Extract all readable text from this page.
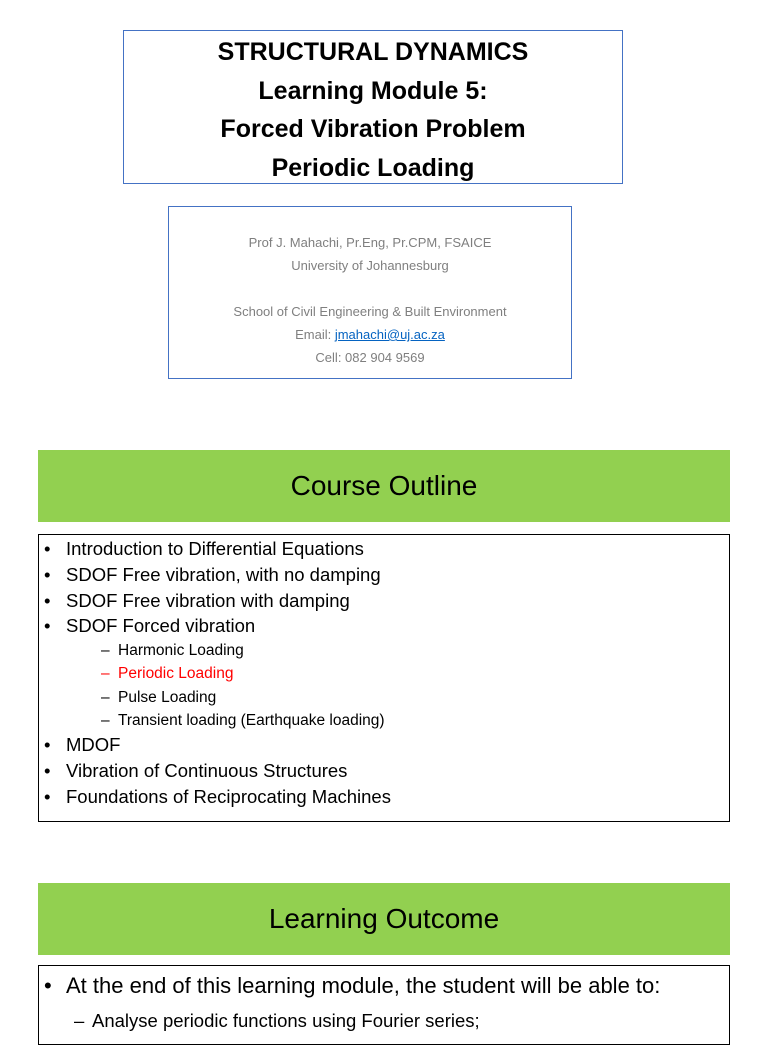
STRUCTURAL DYNAMICS
Learning Module 5:
Forced Vibration Problem
Periodic Loading
Prof J. Mahachi, Pr.Eng, Pr.CPM, FSAICE
University of Johannesburg
School of Civil Engineering & Built Environment
Email: jmahachi@uj.ac.za
Cell: 082 904 9569
Course Outline
• Introduction to Differential Equations
• SDOF Free vibration, with no damping
• SDOF Free vibration with damping
• SDOF Forced vibration
– Harmonic Loading
– Periodic Loading
– Pulse Loading
– Transient loading (Earthquake loading)
• MDOF
• Vibration of Continuous Structures
• Foundations of Reciprocating Machines
Learning Outcome
• At the end of this learning module, the student will be able to:
– Analyse periodic functions using Fourier series;
